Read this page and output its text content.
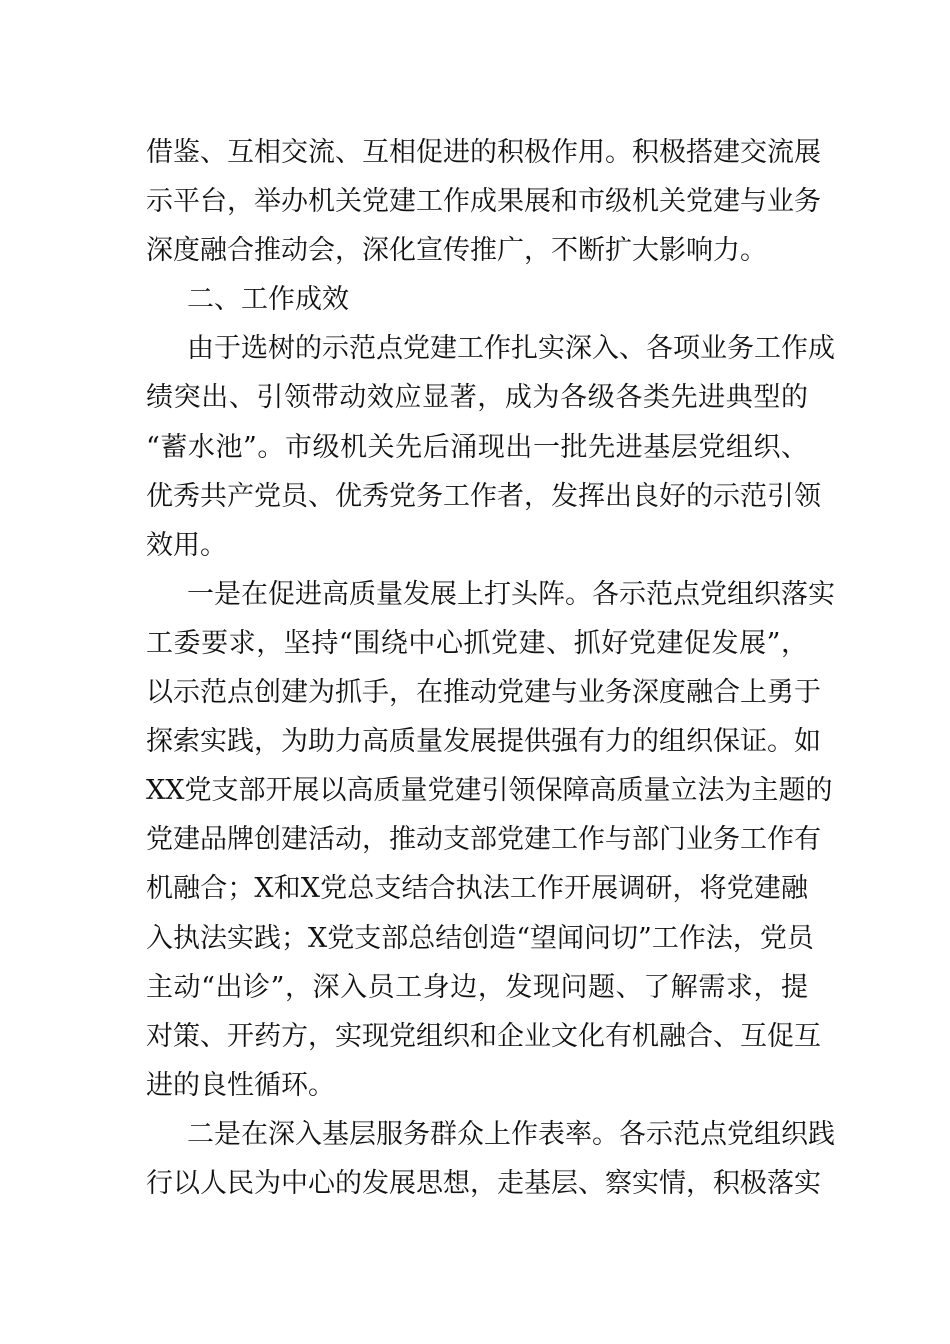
借鉴、互相交流、互相促进的积极作用。积极搭建交流展
示平台，举办机关党建工作成果展和市级机关党建与业务
深度融合推动会，深化宣传推广，不断扩大影响力。
二、工作成效
由于选树的示范点党建工作扎实深入、各项业务工作成
绩突出、引领带动效应显著，成为各级各类先进典型的
“蓄水池”。市级机关先后涌现出一批先进基层党组织、
优秀共产党员、优秀党务工作者，发挥出良好的示范引领
效用。
一是在促进高质量发展上打头阵。各示范点党组织落实
工委要求，坚持“围绕中心抓党建、抓好党建促发展”，
以示范点创建为抓手，在推动党建与业务深度融合上勇于
探索实践，为助力高质量发展提供强有力的组织保证。如
XX党支部开展以高质量党建引领保障高质量立法为主题的
党建品牌创建活动，推动支部党建工作与部门业务工作有
机融合；X和X党总支结合执法工作开展调研，将党建融
入执法实践；X党支部总结创造“望闻问切”工作法，党员
主动“出诊”，深入员工身边，发现问题、了解需求，提
对策、开药方，实现党组织和企业文化有机融合、互促互
进的良性循环。
二是在深入基层服务群众上作表率。各示范点党组织践
行以人民为中心的发展思想，走基层、察实情，积极落实
